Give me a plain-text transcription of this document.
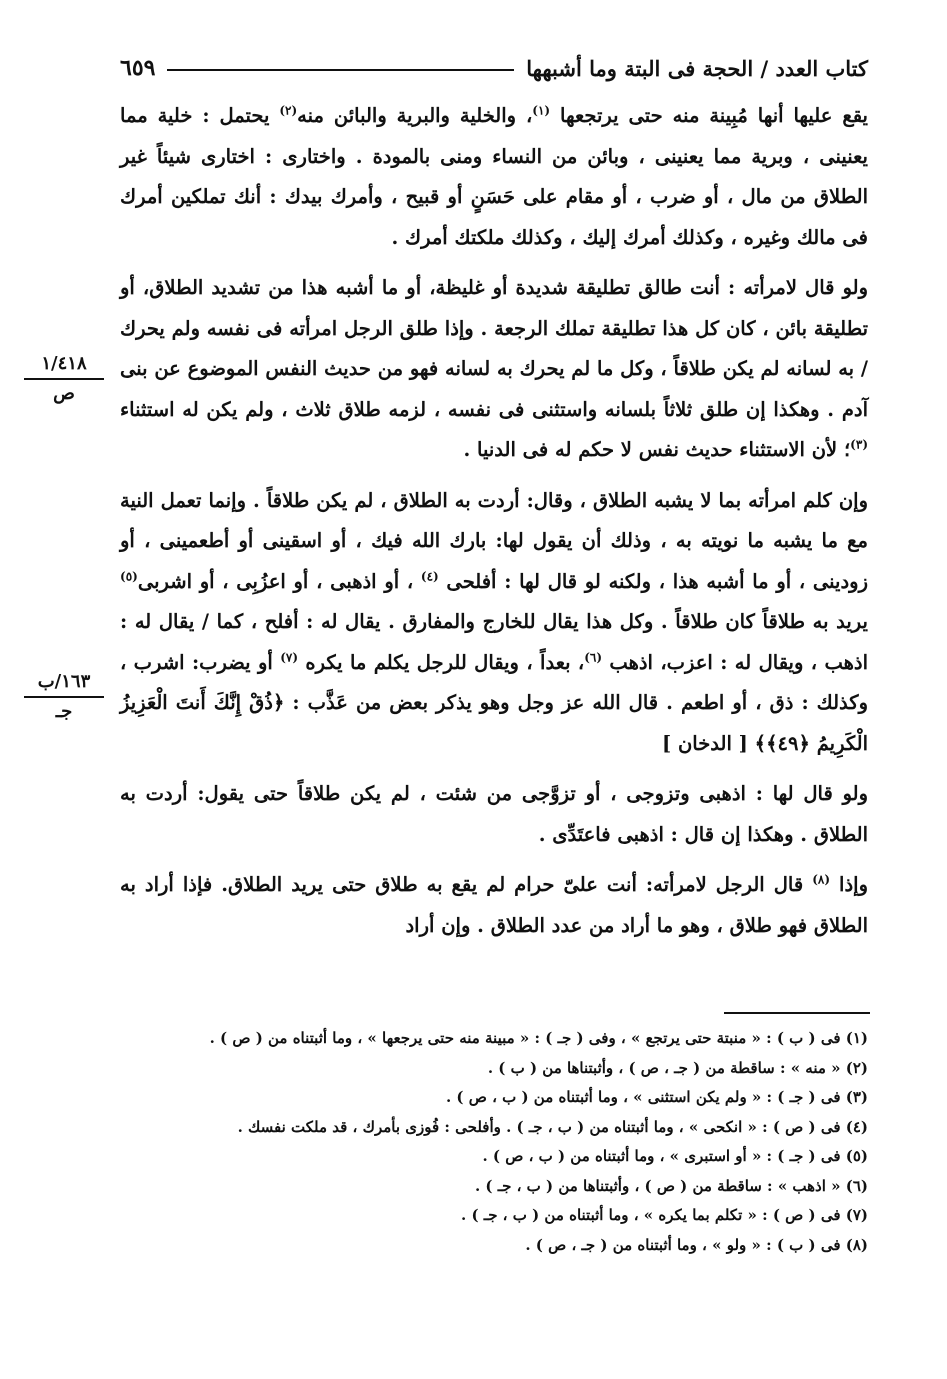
كتاب العدد / الحجة فى البتة وما أشبهها
٦٥٩
١/٤١٨
ص
١٦٣/ب
جـ

يقع عليها أنها مُبِينة منه حتى يرتجعها $^{(١)}$، والخلية والبرية والبائن منه$^{(٢)}$ يحتمل : خلية مما يعنينى ، وبرية مما يعنينى ، وبائن من النساء ومنى بالمودة . واختارى : اختارى شيئاً غير الطلاق من مال ، أو ضرب ، أو مقام على حَسَنٍ أو قبيح ، وأمرك بيدك : أنك تملكين أمرك فى مالك وغيره ، وكذلك أمرك إليك ، وكذلك ملكتك أمرك .

ولو قال لامرأته : أنت طالق تطليقة شديدة أو غليظة، أو ما أشبه هذا من تشديد الطلاق، أو تطليقة بائن ، كان كل هذا تطليقة تملك الرجعة . وإذا طلق الرجل امرأته فى نفسه ولم يحرك / به لسانه لم يكن طلاقاً ، وكل ما لم يحرك به لسانه فهو من حديث النفس الموضوع عن بنى آدم . وهكذا إن طلق ثلاثاً بلسانه واستثنى فى نفسه ، لزمه طلاق ثلاث ، ولم يكن له استثناء $^{(٣)}$؛ لأن الاستثناء حديث نفس لا حكم له فى الدنيا .

وإن كلم امرأته بما لا يشبه الطلاق ، وقال: أردت به الطلاق ، لم يكن طلاقاً . وإنما تعمل النية مع ما يشبه ما نويته به ، وذلك أن يقول لها: بارك الله فيك ، أو اسقينى أو أطعمينى ، أو زودينى ، أو ما أشبه هذا ، ولكنه لو قال لها : أفلحى $^{(٤)}$ ، أو اذهبى ، أو اعزُبِى ، أو اشربى$^{(٥)}$ يريد به طلاقاً كان طلاقاً . وكل هذا يقال للخارج والمفارق . يقال له : أفلح ، كما / يقال له : اذهب ، ويقال له : اعزب، اذهب $^{(٦)}$، بعداً ، ويقال للرجل يكلم ما يكره $^{(٧)}$ أو يضرب: اشرب ، وكذلك : ذق ، أو اطعم . قال الله عز وجل وهو يذكر بعض من عَذَّب : ﴿ذُقْ إِنَّكَ أَنتَ الْعَزِيزُ الْكَرِيمُ ﴿٤٩﴾﴾ [ الدخان ]

ولو قال لها : اذهبى وتزوجى ، أو تزوَّجى من شئت ، لم يكن طلاقاً حتى يقول: أردت به الطلاق . وهكذا إن قال : اذهبى فاعتَدِّى .

وإذا $^{(٨)}$ قال الرجل لامرأته: أنت علىّ حرام لم يقع به طلاق حتى يريد الطلاق. فإذا أراد به الطلاق فهو طلاق ، وهو ما أراد من عدد الطلاق . وإن أراد

(١) فى ( ب ) : « منبتة حتى يرتجع » ، وفى ( جـ ) : « مبينة منه حتى يرجعها » ، وما أثبتناه من ( ص ) .
(٢) « منه » : ساقطة من ( جـ ، ص ) ، وأثبتناها من ( ب ) .
(٣) فى ( جـ ) : « ولم يكن استثنى » ، وما أثبتناه من ( ب ، ص ) .
(٤) فى ( ص ) : « انكحى » ، وما أثبتناه من ( ب ، جـ ) . وأفلحى : فُوزى بأمرك ، قد ملكت نفسك .
(٥) فى ( جـ ) : « أو استبرى » ، وما أثبتناه من ( ب ، ص ) .
(٦) « اذهب » : ساقطة من ( ص ) ، وأثبتناها من ( ب ، جـ ) .
(٧) فى ( ص ) : « تكلم بما يكره » ، وما أثبتناه من ( ب ، جـ ) .
(٨) فى ( ب ) : « ولو » ، وما أثبتناه من ( جـ ، ص ) .
